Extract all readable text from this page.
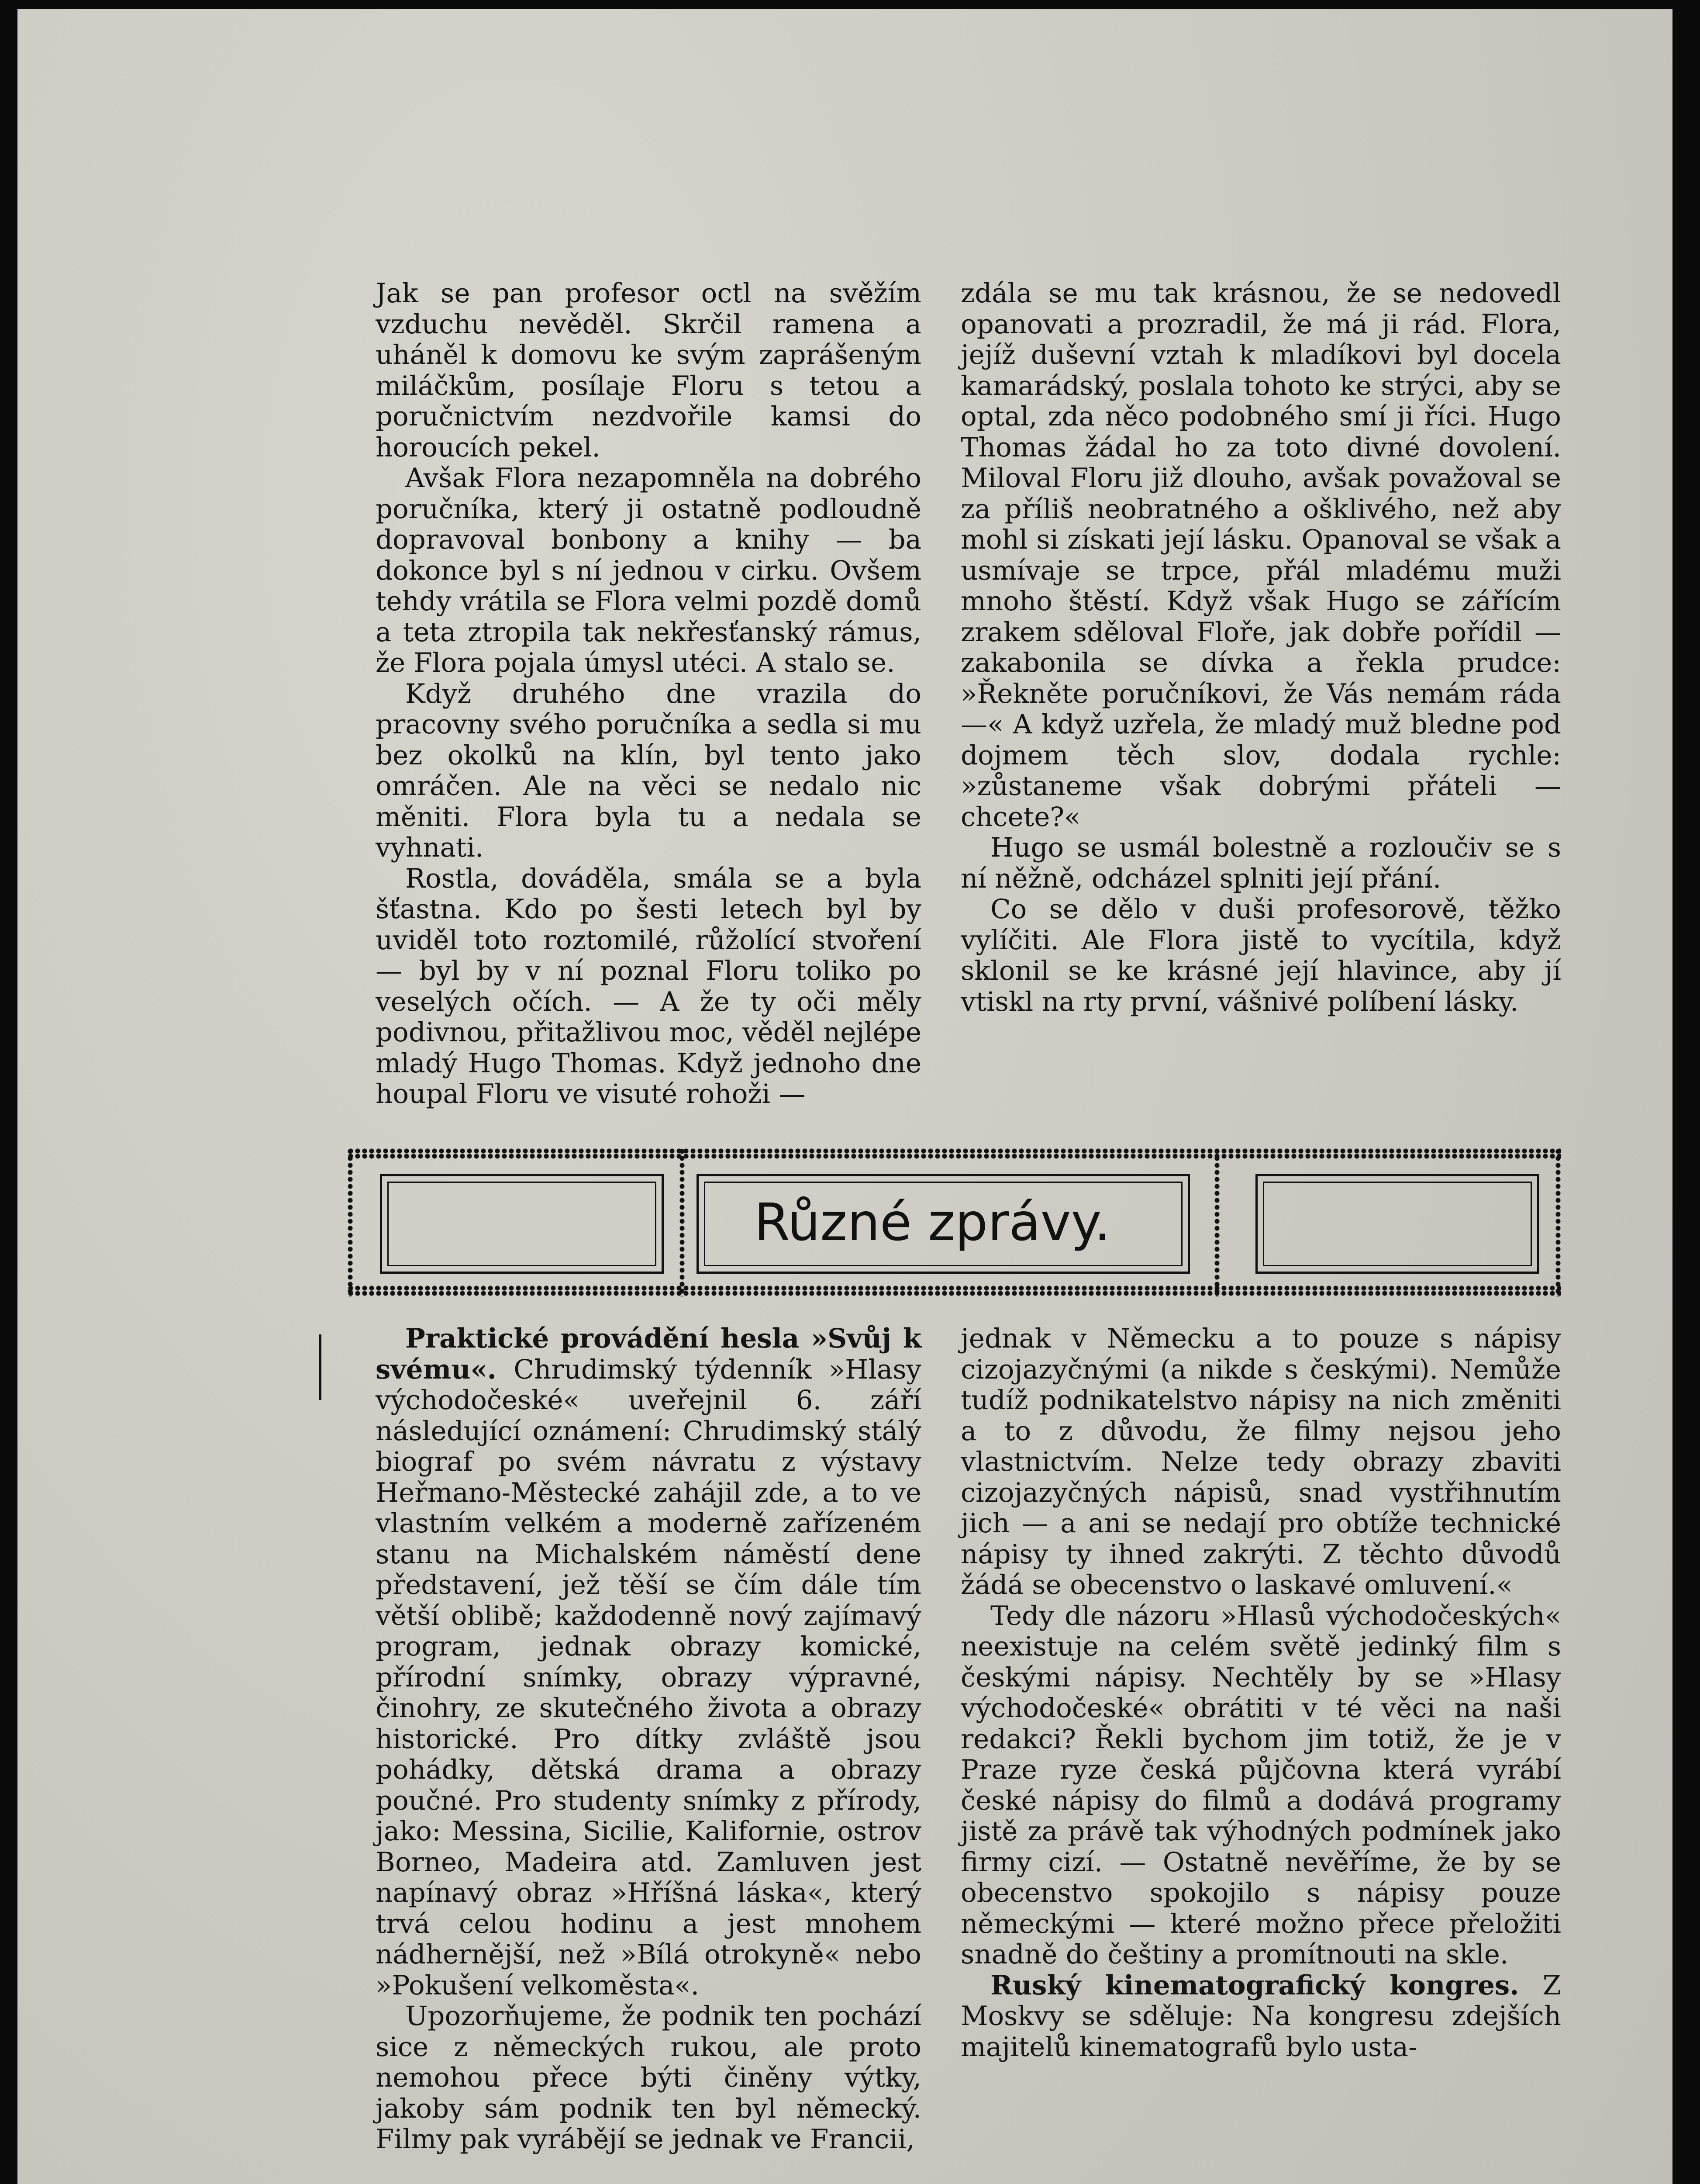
Jak se pan profesor octl na svěžím vzduchu nevěděl. Skrčil ramena a uháněl k domovu ke svým zaprášeným miláčkům, posílaje Floru s tetou a poručnictvím nezdvořile kamsi do horoucích pekel.

Avšak Flora nezapomněla na dobrého poručníka, který ji ostatně podloudně dopravoval bonbony a knihy — ba dokonce byl s ní jednou v cirku. Ovšem tehdy vrátila se Flora velmi pozdě domů a teta ztropila tak nekřesťanský rámus, že Flora pojala úmysl utéci. A stalo se.

Když druhého dne vrazila do pracovny svého poručníka a sedla si mu bez okolků na klín, byl tento jako omráčen. Ale na věci se nedalo nic měniti. Flora byla tu a nedala se vyhnati.

Rostla, dováděla, smála se a byla šťastna. Kdo po šesti letech byl by uviděl toto roztomilé, růžolící stvoření — byl by v ní poznal Floru toliko po veselých očích. — A že ty oči měly podivnou, přitažlivou moc, věděl nejlépe mladý Hugo Thomas. Když jednoho dne houpal Floru ve visuté rohoži —

zdála se mu tak krásnou, že se nedovedl opanovati a prozradil, že má ji rád. Flora, jejíž duševní vztah k mladíkovi byl docela kamarádský, poslala tohoto ke strýci, aby se optal, zda něco podobného smí ji říci. Hugo Thomas žádal ho za toto divné dovolení. Miloval Floru již dlouho, avšak považoval se za příliš neobratného a ošklivého, než aby mohl si získati její lásku. Opanoval se však a usmívaje se trpce, přál mladému muži mnoho štěstí. Když však Hugo se zářícím zrakem sděloval Floře, jak dobře pořídil — zakabonila se dívka a řekla prudce: »Řekněte poručníkovi, že Vás nemám ráda —« A když uzřela, že mladý muž bledne pod dojmem těch slov, dodala rychle: »zůstaneme však dobrými přáteli — chcete?«

Hugo se usmál bolestně a rozloučiv se s ní něžně, odcházel splniti její přání.

Co se dělo v duši profesorově, těžko vylíčiti. Ale Flora jistě to vycítila, když sklonil se ke krásné její hlavince, aby jí vtiskl na rty první, vášnivé políbení lásky.

Různé zprávy.

Praktické provádění hesla »Svůj k svému«. Chrudimský týdenník »Hlasy východočeské« uveřejnil 6. září následující oznámení: Chrudimský stálý biograf po svém návratu z výstavy Heřmano-Městecké zahájil zde, a to ve vlastním velkém a moderně zařízeném stanu na Michalském náměstí dene představení, jež těší se čím dále tím větší oblibě; každodenně nový zajímavý program, jednak obrazy komické, přírodní snímky, obrazy výpravné, činohry, ze skutečného života a obrazy historické. Pro dítky zvláště jsou pohádky, dětská drama a obrazy poučné. Pro studenty snímky z přírody, jako: Messina, Sicilie, Kalifornie, ostrov Borneo, Madeira atd. Zamluven jest napínavý obraz »Hříšná láska«, který trvá celou hodinu a jest mnohem nádhernější, než »Bílá otrokyně« nebo »Pokušení velkoměsta«.

Upozorňujeme, že podnik ten pochází sice z německých rukou, ale proto nemohou přece býti činěny výtky, jakoby sám podnik ten byl německý. Filmy pak vyrábějí se jednak ve Francii,

jednak v Německu a to pouze s nápisy cizojazyčnými (a nikde s českými). Nemůže tudíž podnikatelstvo nápisy na nich změniti a to z důvodu, že filmy nejsou jeho vlastnictvím. Nelze tedy obrazy zbaviti cizojazyčných nápisů, snad vystřihnutím jich — a ani se nedají pro obtíže technické nápisy ty ihned zakrýti. Z těchto důvodů žádá se obecenstvo o laskavé omluvení.«

Tedy dle názoru »Hlasů východočeských« neexistuje na celém světě jedinký film s českými nápisy. Nechtěly by se »Hlasy východočeské« obrátiti v té věci na naši redakci? Řekli bychom jim totiž, že je v Praze ryze česká půjčovna která vyrábí české nápisy do filmů a dodává programy jistě za právě tak výhodných podmínek jako firmy cizí. — Ostatně nevěříme, že by se obecenstvo spokojilo s nápisy pouze německými — které možno přece přeložiti snadně do češtiny a promítnouti na skle.

Ruský kinematografický kongres. Z Moskvy se sděluje: Na kongresu zdejších majitelů kinematografů bylo usta-
